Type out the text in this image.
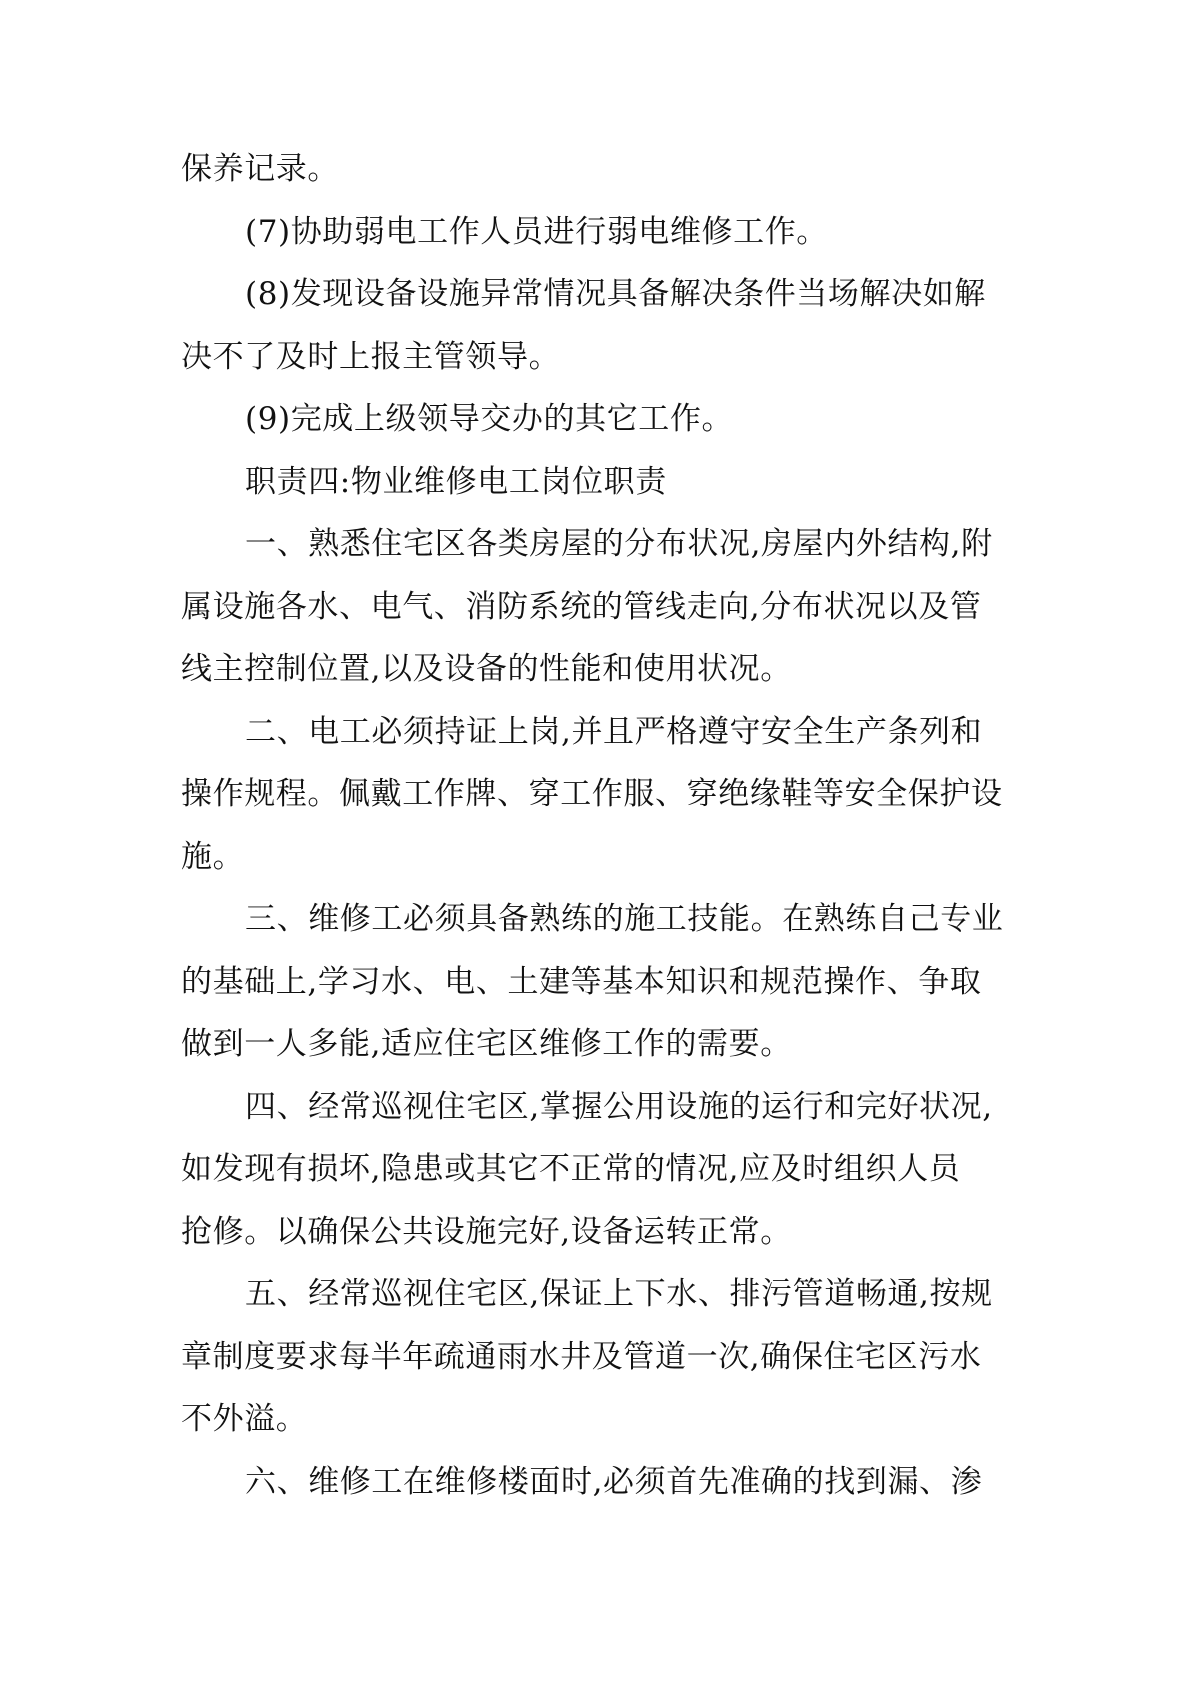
保养记录。
(7)协助弱电工作人员进行弱电维修工作。
(8)发现设备设施异常情况具备解决条件当场解决如解
决不了及时上报主管领导。
(9)完成上级领导交办的其它工作。
职责四:物业维修电工岗位职责
一、熟悉住宅区各类房屋的分布状况,房屋内外结构,附
属设施各水、电气、消防系统的管线走向,分布状况以及管
线主控制位置,以及设备的性能和使用状况。
二、电工必须持证上岗,并且严格遵守安全生产条列和
操作规程。佩戴工作牌、穿工作服、穿绝缘鞋等安全保护设
施。
三、维修工必须具备熟练的施工技能。在熟练自己专业
的基础上,学习水、电、土建等基本知识和规范操作、争取
做到一人多能,适应住宅区维修工作的需要。
四、经常巡视住宅区,掌握公用设施的运行和完好状况,
如发现有损坏,隐患或其它不正常的情况,应及时组织人员
抢修。以确保公共设施完好,设备运转正常。
五、经常巡视住宅区,保证上下水、排污管道畅通,按规
章制度要求每半年疏通雨水井及管道一次,确保住宅区污水
不外溢。
六、维修工在维修楼面时,必须首先准确的找到漏、渗
